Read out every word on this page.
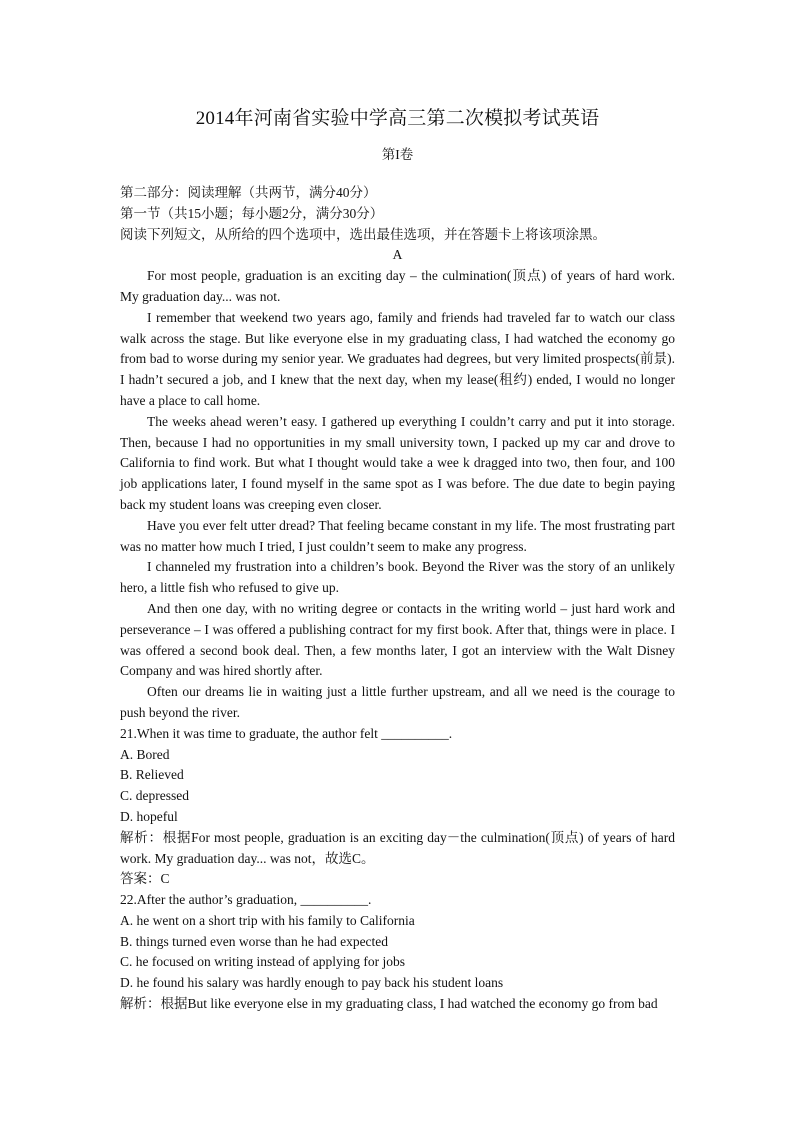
2014年河南省实验中学高三第二次模拟考试英语
第I卷

第二部分：阅读理解（共两节，满分40分）

第一节（共15小题；每小题2分，满分30分）

阅读下列短文，从所给的四个选项中，选出最佳选项，并在答题卡上将该项涂黑。

A

For most people, graduation is an exciting day – the culmination(顶点) of years of hard work. My graduation day... was not.

I remember that weekend two years ago, family and friends had traveled far to watch our class walk across the stage. But like everyone else in my graduating class, I had watched the economy go from bad to worse during my senior year. We graduates had degrees, but very limited prospects(前景). I hadn’t secured a job, and I knew that the next day, when my lease(租约) ended, I would no longer have a place to call home.

The weeks ahead weren’t easy. I gathered up everything I couldn’t carry and put it into storage. Then, because I had no opportunities in my small university town, I packed up my car and drove to California to find work. But what I thought would take a wee k dragged into two, then four, and 100 job applications later, I found myself in the same spot as I was before. The due date to begin paying back my student loans was creeping even closer.

Have you ever felt utter dread? That feeling became constant in my life. The most frustrating part was no matter how much I tried, I just couldn’t seem to make any progress.

I channeled my frustration into a children’s book. Beyond the River was the story of an unlikely hero, a little fish who refused to give up.

And then one day, with no writing degree or contacts in the writing world – just hard work and perseverance – I was offered a publishing contract for my first book. After that, things were in place. I was offered a second book deal. Then, a few months later, I got an interview with the Walt Disney Company and was hired shortly after.

Often our dreams lie in waiting just a little further upstream, and all we need is the courage to push beyond the river.

21.When it was time to graduate, the author felt __________.

A. Bored

B. Relieved

C. depressed

D. hopeful

解析：根据For most people, graduation is an exciting day－the culmination(顶点) of years of hard work. My graduation day... was not，故选C。

答案：C

22.After the author’s graduation, __________.

A. he went on a short trip with his family to California

B. things turned even worse than he had expected

C. he focused on writing instead of applying for jobs

D. he found his salary was hardly enough to pay back his student loans

解析：根据But like everyone else in my graduating class, I had watched the economy go from bad
